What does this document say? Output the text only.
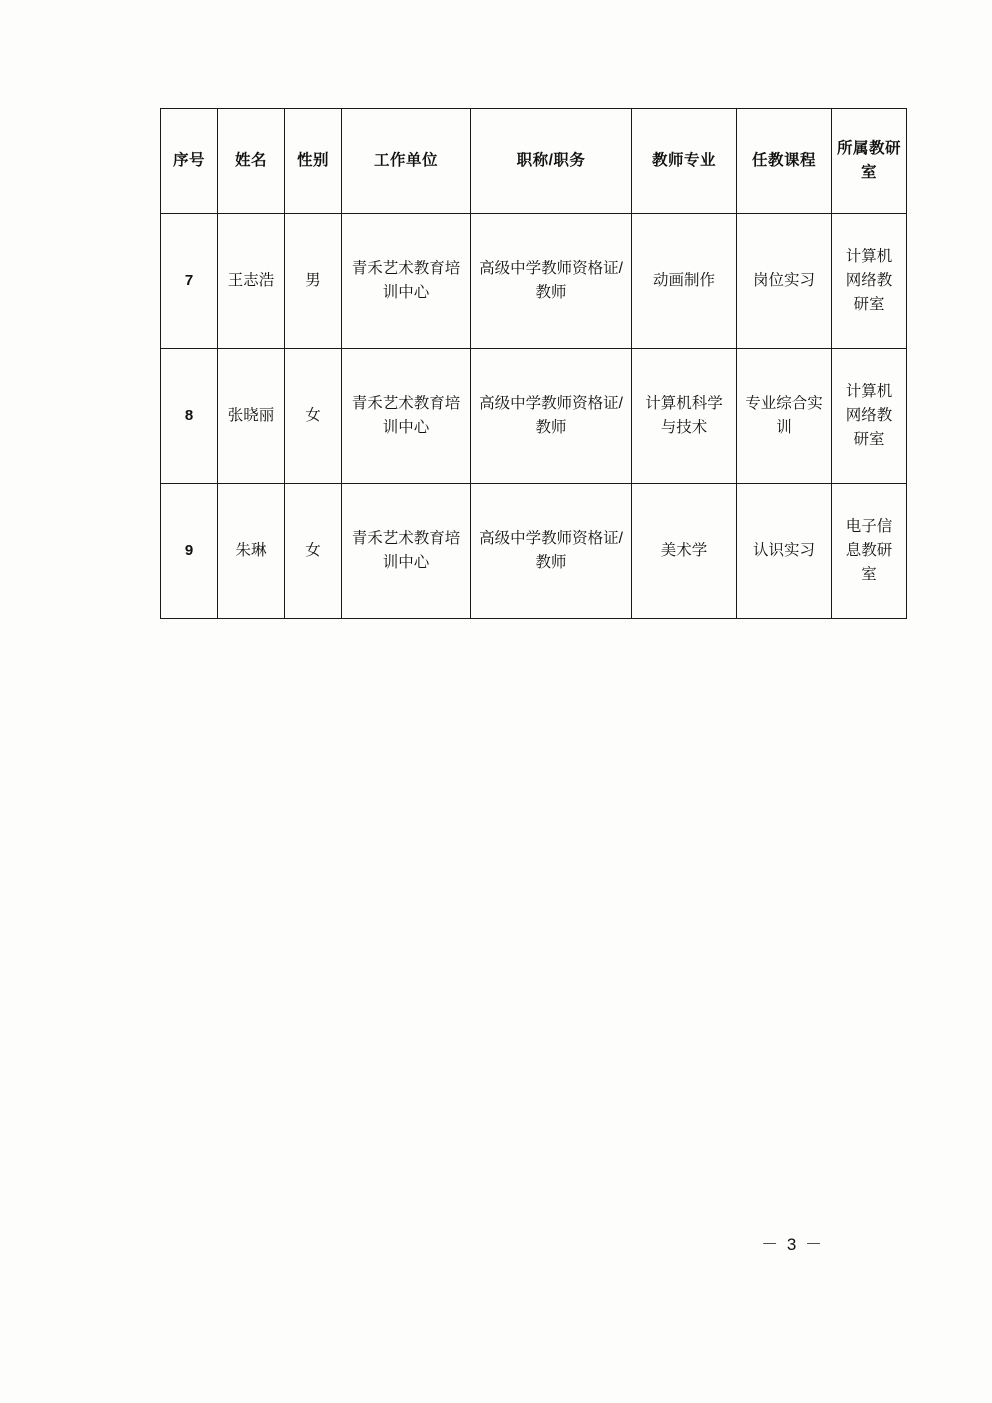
序号	姓名	性别	工作单位	职称/职务	教师专业	任教课程	所属教研室

7	王志浩	男	青禾艺术教育培训中心	高级中学教师资格证/教师	动画制作	岗位实习	计算机网络教研室

8	张晓丽	女	青禾艺术教育培训中心	高级中学教师资格证/教师	计算机科学与技术	专业综合实训	计算机网络教研室

9	朱琳	女	青禾艺术教育培训中心	高级中学教师资格证/教师	美术学	认识实习	电子信息教研室
－ 3 －
